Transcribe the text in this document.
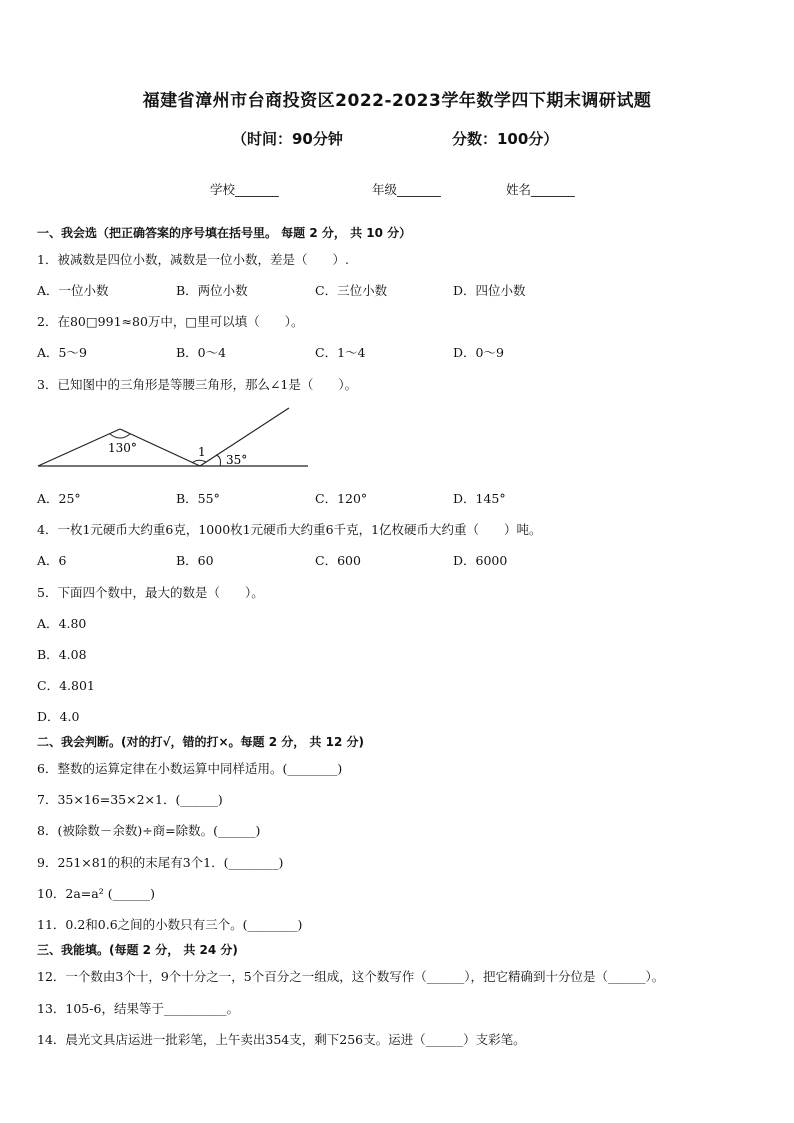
福建省漳州市台商投资区2022-2023学年数学四下期末调研试题
（时间：90分钟	分数：100分）
学校_______	年级_______	姓名_______
一、我会选（把正确答案的序号填在括号里。 每题 2 分， 共 10 分）
1．被减数是四位小数，减数是一位小数，差是（　　）.
A．一位小数	B．两位小数	C．三位小数	D．四位小数
2．在80□991≈80万中，□里可以填（　　）。
A．5～9	B．0～4	C．1～4	D．0～9
3．已知图中的三角形是等腰三角形，那么∠1是（　　）。
130°	1
35°
A．25°	B．55°	C．120°	D．145°
4．一枚1元硬币大约重6克，1000枚1元硬币大约重6千克，1亿枚硬币大约重（　　）吨。
A．6	B．60	C．600	D．6000
5．下面四个数中，最大的数是（　　）。
A．4.80
B．4.08
C．4.801
D．4.0
二、我会判断。(对的打√，错的打×。每题 2 分， 共 12 分)
6．整数的运算定律在小数运算中同样适用。(________)
7．35×16=35×2×1．(______)
8．(被除数－余数)÷商=除数。(______)
9．251×81的积的末尾有3个1．(________)
10．2a=a² (______)
11．0.2和0.6之间的小数只有三个。(________)
三、我能填。(每题 2 分， 共 24 分)
12．一个数由3个十，9个十分之一，5个百分之一组成，这个数写作（______），把它精确到十分位是（______）。
13．105-6，结果等于__________。
14．晨光文具店运进一批彩笔，上午卖出354支，剩下256支。运进（______）支彩笔。
